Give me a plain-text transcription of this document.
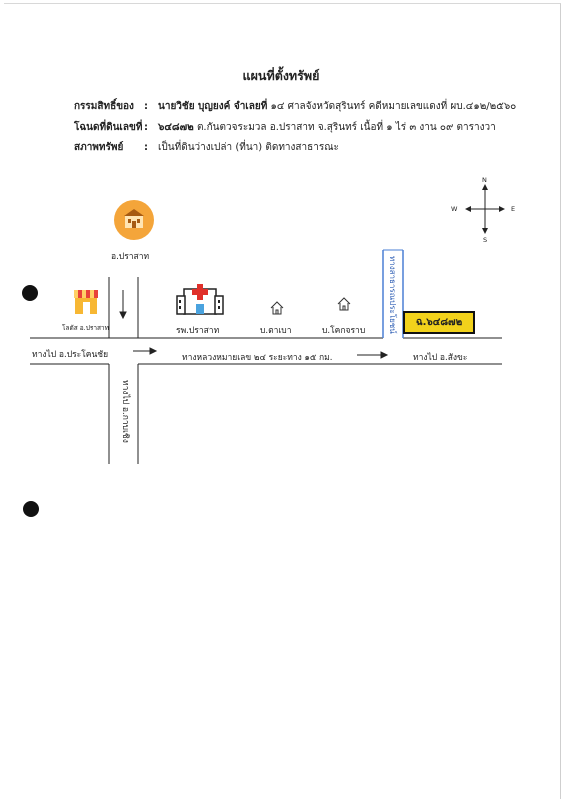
แผนที่ตั้งทรัพย์
กรรมสิทธิ์ของ : นายวิชัย บุญยงค์ จำเลยที่ ๑๔ ศาลจังหวัดสุรินทร์ คดีหมายเลขแดงที่ ผบ.๔๑๒/๒๕๖๐
โฉนดที่ดินเลขที่ : ๖๔๘๗๒ ต.กันตวจระมวล อ.ปราสาท จ.สุรินทร์ เนื้อที่ ๑ ไร่ ๓ งาน ๐๙ ตารางวา
สภาพทรัพย์ : เป็นที่ดินว่างเปล่า (ที่นา) ติดทางสาธารณะ
N
S
W	E
อ.ปราสาท
โลตัส อ.ปราสาท	รพ.ปราสาท	บ.ตาเบา	บ.โคกจราบ
ทางไป อ.ประโคนชัย	ทางหลวงหมายเลข ๒๔ ระยะทาง ๑๕ กม.	ทางไป อ.สังขะ
ทางไป อ.กาบเชิง
ทางสาธารณประโยชน์	ฉ.๖๔๘๗๒
